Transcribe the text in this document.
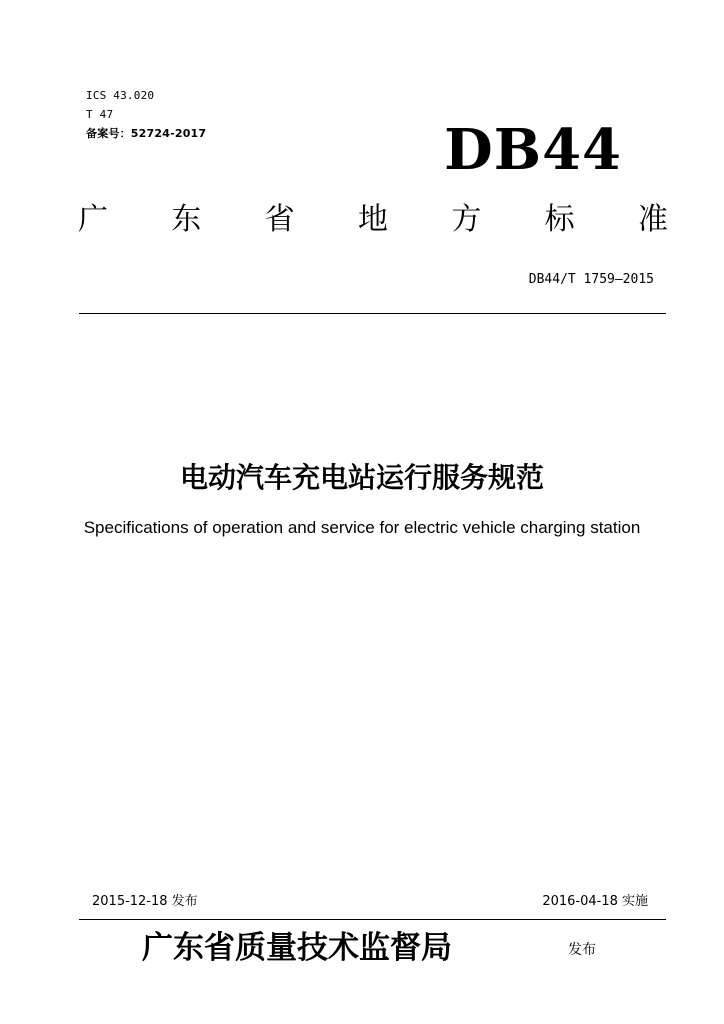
ICS 43.020
T 47
备案号：52724-2017	DB44
广 东 省 地 方 标 准
DB44/T 1759—2015
电动汽车充电站运行服务规范
Specifications of operation and service for electric vehicle charging station
2015-12-18 发布	2016-04-18 实施
广东省质量技术监督局	发布
